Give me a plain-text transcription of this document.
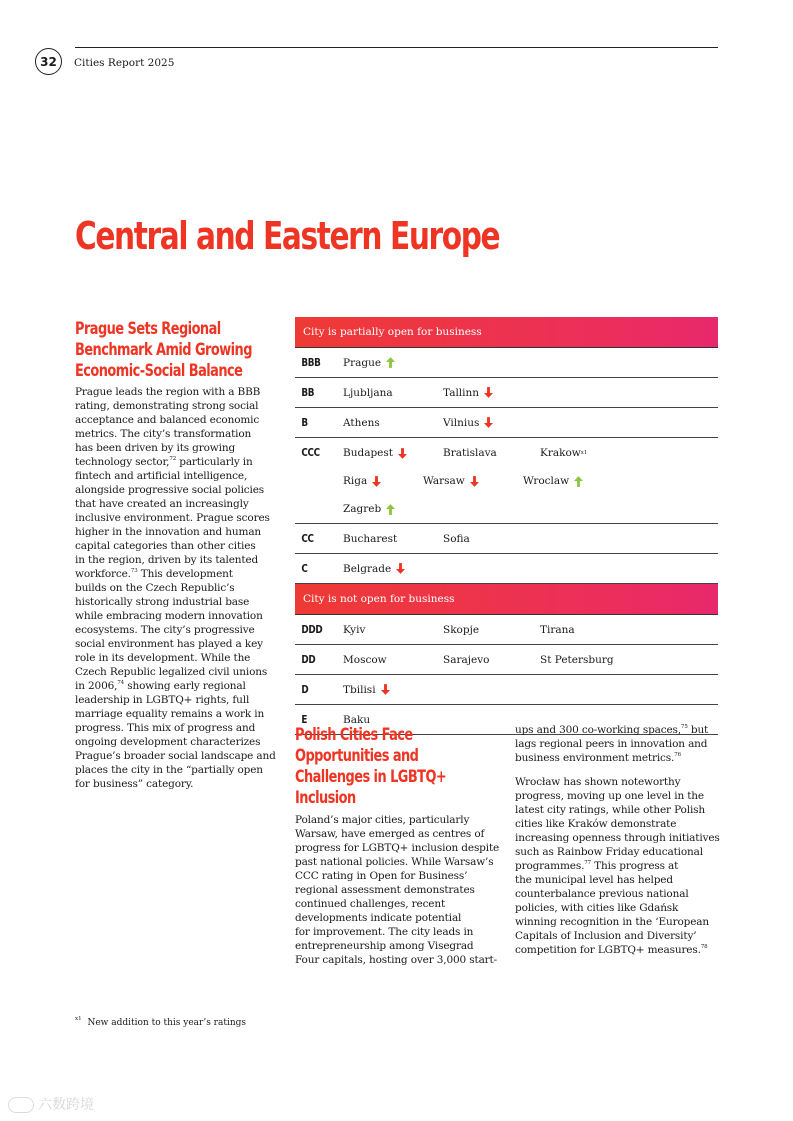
32	Cities Report 2025
Central and Eastern Europe
Prague Sets Regional
Benchmark Amid Growing
Economic-Social Balance
Prague leads the region with a BBB
rating, demonstrating strong social
acceptance and balanced economic
metrics. The city’s transformation
has been driven by its growing
technology sector,$^{72}$ particularly in
fintech and artificial intelligence,
alongside progressive social policies
that have created an increasingly
inclusive environment. Prague scores
higher in the innovation and human
capital categories than other cities
in the region, driven by its talented
workforce.$^{73}$ This development
builds on the Czech Republic’s
historically strong industrial base
while embracing modern innovation
ecosystems. The city’s progressive
social environment has played a key
role in its development. While the
Czech Republic legalized civil unions
in 2006,74 showing early regional
leadership in LGBTQ+ rights, full
marriage equality remains a work in
progress. This mix of progress and
ongoing development characterizes
Prague’s broader social landscape and
places the city in the “partially open
for business” category.
City is partially open for business
BBB	Prague
BB	Ljubljana	Tallinn
B	Athens	Vilnius
CCC	Budapest	Bratislava	Krakow x1
Riga	Warsaw	Wroclaw
Zagreb
CC	Bucharest	Sofia
C	Belgrade
City is not open for business
DDD	Kyiv	Skopje	Tirana
DD	Moscow	Sarajevo	St Petersburg
D	Tbilisi
E	Baku
Polish Cities Face
Opportunities and
Challenges in LGBTQ+
Inclusion
Poland’s major cities, particularly
Warsaw, have emerged as centres of
progress for LGBTQ+ inclusion despite
past national policies. While Warsaw’s
CCC rating in Open for Business’
regional assessment demonstrates
continued challenges, recent
developments indicate potential
for improvement. The city leads in
entrepreneurship among Visegrad
Four capitals, hosting over 3,000 start-

ups and 300 co-working spaces,$^{75}$ but
lags regional peers in innovation and
business environment metrics.$^{76}$

Wrocław has shown noteworthy
progress, moving up one level in the
latest city ratings, while other Polish
cities like Kraków demonstrate
increasing openness through initiatives
such as Rainbow Friday educational
programmes.$^{77}$ This progress at
the municipal level has helped
counterbalance previous national
policies, with cities like Gdańsk
winning recognition in the ‘European
Capitals of Inclusion and Diversity’
competition for LGBTQ+ measures.$^{78}$

$^{x1}$ New addition to this year’s ratings
六数跨境
